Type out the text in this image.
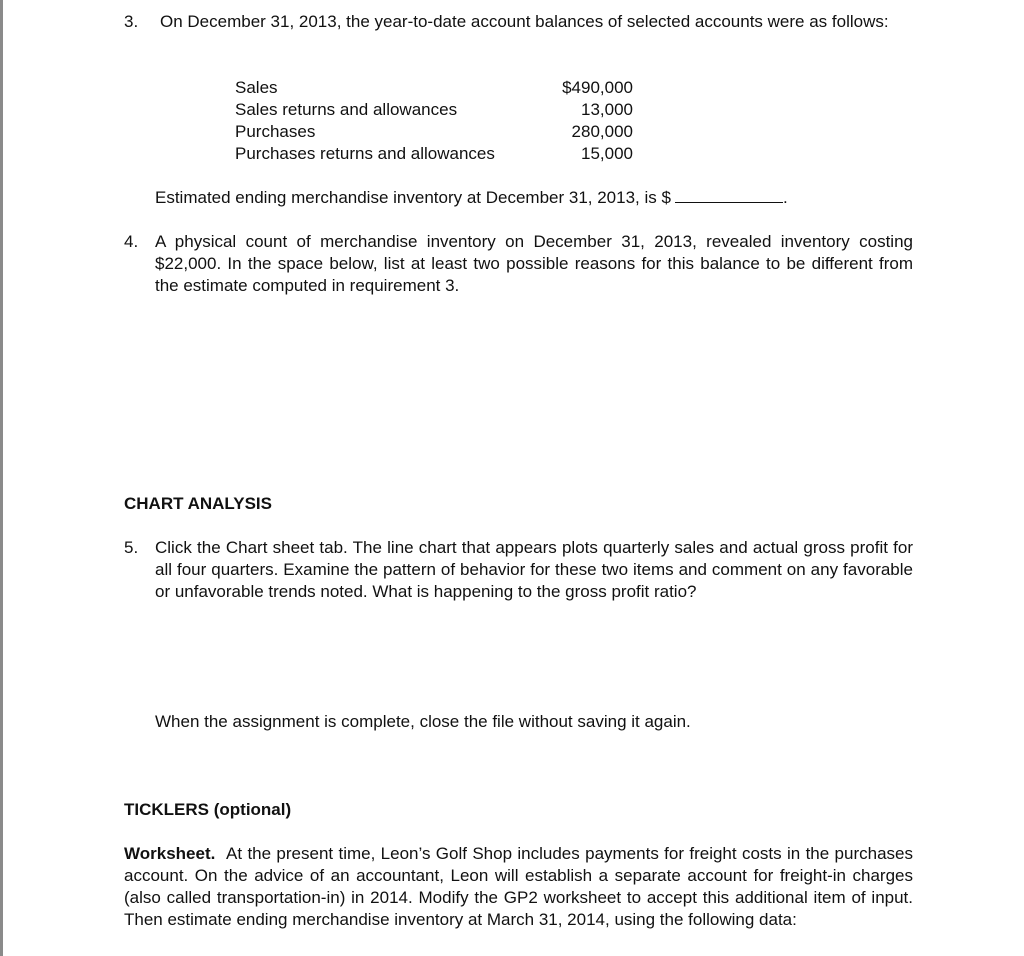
3. On December 31, 2013, the year-to-date account balances of selected accounts were as follows:

Sales	$490,000
Sales returns and allowances	13,000
Purchases	280,000
Purchases returns and allowances	15,000

Estimated ending merchandise inventory at December 31, 2013, is $	.

4. A physical count of merchandise inventory on December 31, 2013, revealed inventory costing $22,000. In the space below, list at least two possible reasons for this balance to be different from the estimate computed in requirement 3.

CHART ANALYSIS
5. Click the Chart sheet tab. The line chart that appears plots quarterly sales and actual gross profit for all four quarters. Examine the pattern of behavior for these two items and comment on any favorable or unfavorable trends noted. What is happening to the gross profit ratio?

When the assignment is complete, close the file without saving it again.

TICKLERS (optional)

Worksheet. At the present time, Leon’s Golf Shop includes payments for freight costs in the purchases account. On the advice of an accountant, Leon will establish a separate account for freight-in charges (also called transportation-in) in 2014. Modify the GP2 worksheet to accept this additional item of input. Then estimate ending merchandise inventory at March 31, 2014, using the following data:
